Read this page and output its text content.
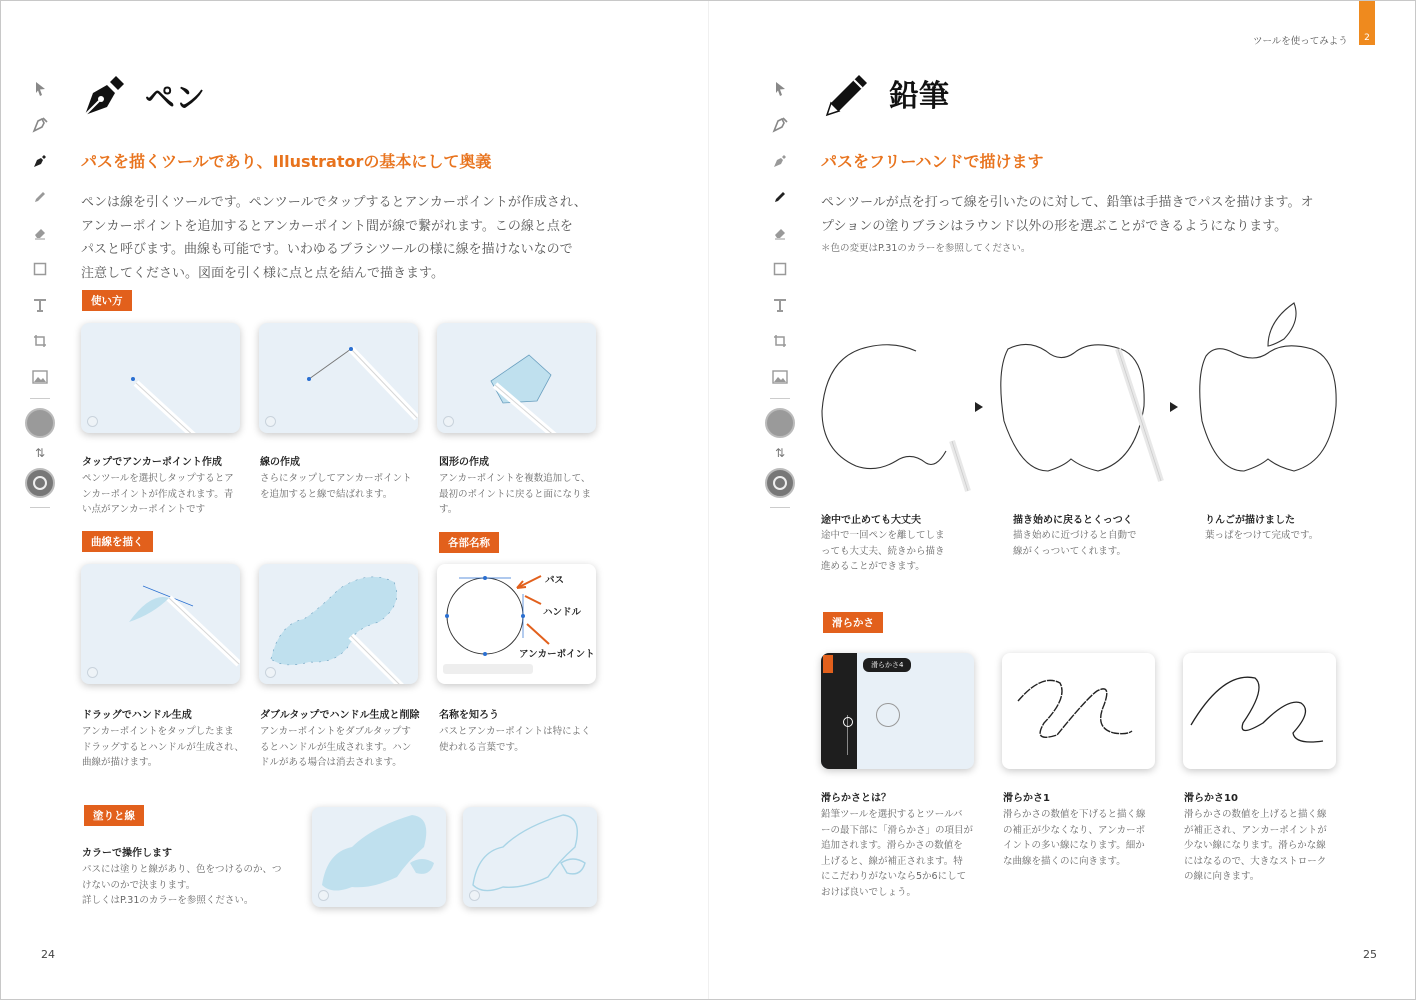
⇅
ペン
パスを描くツールであり、Illustratorの基本にして奥義
ペンは線を引くツールです。ペンツールでタップするとアンカーポイントが作成され、
アンカーポイントを追加するとアンカーポイント間が線で繋がれます。この線と点を
パスと呼びます。曲線も可能です。いわゆるブラシツールの様に線を描けないなので
注意してください。図面を引く様に点と点を結んで描きます。
使い方
タップでアンカーポイント作成
ペンツールを選択しタップするとア
ンカーポイントが作成されます。青
い点がアンカーポイントです
線の作成
さらにタップしてアンカーポイント
を追加すると線で結ばれます。
図形の作成
アンカーポイントを複数追加して、
最初のポイントに戻ると面になりま
す。
曲線を描く	各部名称
パス
ハンドル
アンカーポイント
ドラッグでハンドル生成
アンカーポイントをタップしたまま
ドラッグするとハンドルが生成され、
曲線が描けます。
ダブルタップでハンドル生成と削除
アンカーポイントをダブルタップす
るとハンドルが生成されます。ハン
ドルがある場合は消去されます。
名称を知ろう
パスとアンカーポイントは特によく
使われる言葉です。
塗りと線
カラーで操作します
パスには塗りと線があり、色をつけるのか、つ
けないのかで決まります。
詳しくはP.31のカラーを参照ください。
24
ツールを使ってみよう	2
⇅
鉛筆
パスをフリーハンドで描けます
ペンツールが点を打って線を引いたのに対して、鉛筆は手描きでパスを描けます。オ
プションの塗りブラシはラウンド以外の形を選ぶことができるようになります。
＊色の変更はP.31のカラーを参照してください。
途中で止めても大丈夫
途中で一回ペンを離してしま
っても大丈夫、続きから描き
進めることができます。
描き始めに戻るとくっつく
描き始めに近づけると自動で
線がくっついてくれます。
りんごが描けました
葉っぱをつけて完成です。
滑らかさ
滑らかさ4
滑らかさとは？
鉛筆ツールを選択するとツールバ
ーの最下部に「滑らかさ」の項目が
追加されます。滑らかさの数値を
上げると、線が補正されます。特
にこだわりがないなら5か6にして
おけば良いでしょう。
滑らかさ1
滑らかさの数値を下げると描く線
の補正が少なくなり、アンカーポ
イントの多い線になります。細か
な曲線を描くのに向きます。
滑らかさ10
滑らかさの数値を上げると描く線
が補正され、アンカーポイントが
少ない線になります。滑らかな線
にはなるので、大きなストローク
の線に向きます。
25
